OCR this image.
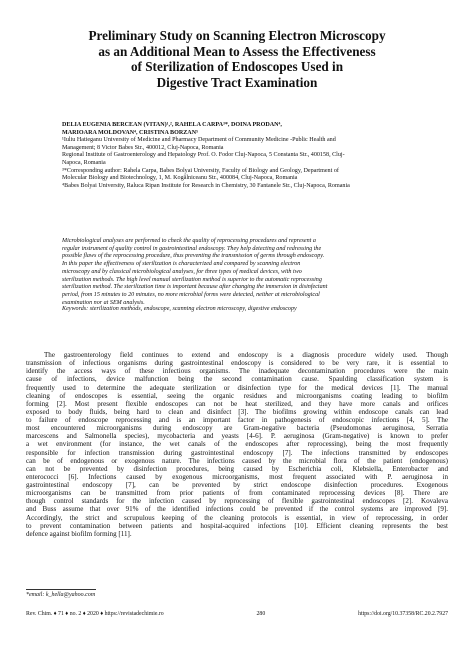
Preliminary Study on Scanning Electron Microscopy
as an Additional Mean to Assess the Effectiveness
of Sterilization of Endoscopes Used in
Digestive Tract Examination
DELIA EUGENIA BERCEAN (VITAN)¹,², RAHELA CARPA³*, DOINA PRODAN⁴,
MARIOARA MOLDOVAN⁴, CRISTINA BORZAN⁵
¹Iuliu Hatieganu University of Medicine and Pharmacy Department of Community Medicine -Public Health and
Management; 8 Victor Babes Str., 400012, Cluj-Napoca, Romania
Regional Institute of Gastroenterology and Hepatology Prof. O. Fodor Cluj-Napoca, 5 Constanta Str., 400158, Cluj-
Napoca, Romania
³*Corresponding author: Rahela Carpa, Babes Bolyai University, Faculty of Biology and Geology, Department of
Molecular Biology and Biotechnology, 1, M. Kogălniceanu Str., 400084, Cluj-Napoca, Romania
⁴Babes Bolyai University, Raluca Ripan Institute for Research in Chemistry, 30 Fantanele Str., Cluj-Napoca, Romania
Microbiological analyses are performed to check the quality of reprocessing procedures and represent a
regular instrument of quality control in gastrointestinal endoscopy. They help detecting and redressing the
possible flaws of the reprocessing procedure, thus preventing the transmission of germs through endoscopy.
In this paper the effectiveness of sterilization is characterized and compared by scanning electron
microscopy and by classical microbiological analyses, for three types of medical devices, with two
sterilization methods. The high level manual sterilization method is superior to the automatic reprocessing
sterilization method. The sterilization time is important because after changing the immersion in disinfectant
period, from 15 minutes to 20 minutes, no more microbial forms were detected, neither at microbiological
examination nor at SEM analysis.
Keywords: sterilization methods, endoscope, scanning electron microscopy, digestive endoscopy
The gastroenterology field continues to extend and endoscopy is a diagnosis procedure widely used. Though
transmission of infectious organisms during gastrointestinal endoscopy is considered to be very rare, it is essential to
identify the access ways of these infectious organisms. The inadequate decontamination procedures were the main
cause of infections, device malfunction being the second contamination cause. Spaulding classification system is
frequently used to determine the adequate sterilization or disinfection type for the medical devices [1]. The manual
cleaning of endoscopes is essential, seeing the organic residues and microorganisms coating leading to biofilm
forming [2]. Most present flexible endoscopes can not be heat sterilized, and they have more canals and orifices
exposed to body fluids, being hard to clean and disinfect [3]. The biofilms growing within endoscope canals can lead
to failure of endoscope reprocessing and is an important factor in pathogenesis of endoscopic infections [4, 5]. The
most encountered microorganisms during endoscopy are Gram-negative bacteria (Pseudomonas aeruginosa, Serratia
marcescens and Salmonella species), mycobacteria and yeasts [4-6]. P. aeruginosa (Gram-negative) is known to prefer
a wet environment (for instance, the wet canals of the endoscopes after reprocessing), being the most frequently
responsible for infection transmission during gastrointestinal endoscopy [7]. The infections transmitted by endoscopes
can be of endogenous or exogenous nature. The infections caused by the microbial flora of the patient (endogenous)
can not be prevented by disinfection procedures, being caused by Escherichia coli, Klebsiella, Enterobacter and
enterococci [6]. Infections caused by exogenous microorganisms, most frequent associated with P. aeruginosa in
gastrointestinal endoscopy [7], can be prevented by strict endoscope disinfection procedures. Exogenous
microorganisms can be transmitted from prior patients of from contaminated reprocessing devices [8]. There are
though control standards for the infection caused by reprocessing of flexible gastrointestinal endoscopes [2]. Kovaleva
and Buss assume that over 91% of the identified infections could be prevented if the control systems are improved [9].
Accordingly, the strict and scrupulous keeping of the cleaning protocols is essential, in view of reprocessing, in order
to prevent contamination between patients and hospital-acquired infections [10]. Efficient cleaning represents the best
defence against biofilm forming [11].
*email: k_hella@yahoo.com
Rev. Chim. ♦ 71 ♦ no. 2 ♦ 2020 ♦ https://revistadechimie.ro	280	https://doi.org/10.37358/RC.20.2.7927
